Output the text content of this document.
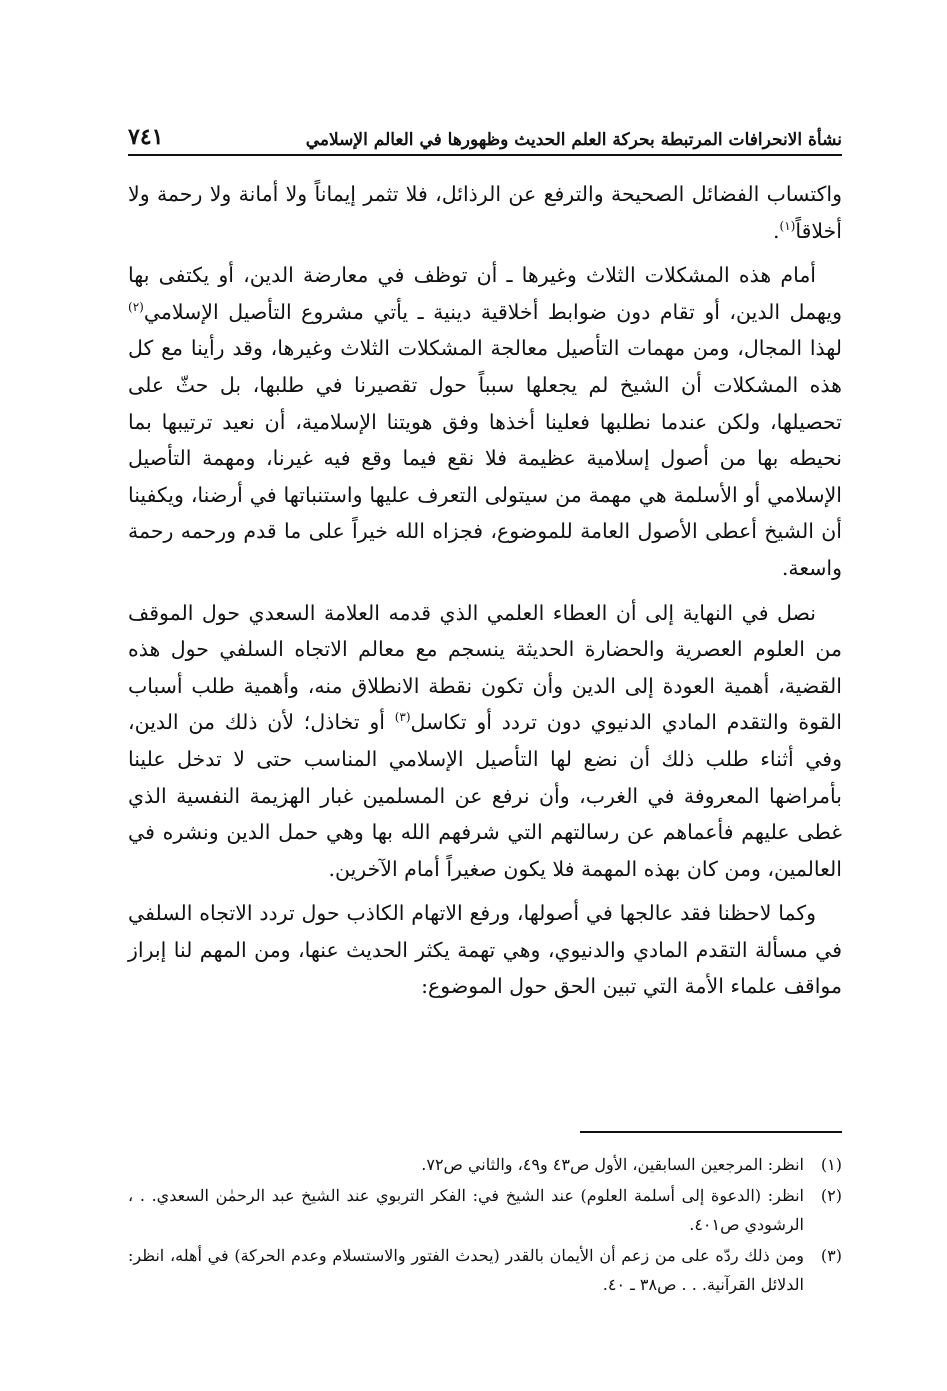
نشأة الانحرافات المرتبطة بحركة العلم الحديث وظهورها في العالم الإسلامي
٧٤١

واكتساب الفضائل الصحيحة والترفع عن الرذائل، فلا تثمر إيماناً ولا أمانة ولا رحمة ولا أخلاقاً$^{(١)}$.

أمام هذه المشكلات الثلاث وغيرها ـ أن توظف في معارضة الدين، أو يكتفى بها ويهمل الدين، أو تقام دون ضوابط أخلاقية دينية ـ يأتي مشروع التأصيل الإسلامي$^{(٢)}$ لهذا المجال، ومن مهمات التأصيل معالجة المشكلات الثلاث وغيرها، وقد رأينا مع كل هذه المشكلات أن الشيخ لم يجعلها سبباً حول تقصيرنا في طلبها، بل حثّ على تحصيلها، ولكن عندما نطلبها فعلينا أخذها وفق هويتنا الإسلامية، أن نعيد ترتيبها بما نحيطه بها من أصول إسلامية عظيمة فلا نقع فيما وقع فيه غيرنا، ومهمة التأصيل الإسلامي أو الأسلمة هي مهمة من سيتولى التعرف عليها واستنباتها في أرضنا، ويكفينا أن الشيخ أعطى الأصول العامة للموضوع، فجزاه الله خيراً على ما قدم ورحمه رحمة واسعة.

نصل في النهاية إلى أن العطاء العلمي الذي قدمه العلامة السعدي حول الموقف من العلوم العصرية والحضارة الحديثة ينسجم مع معالم الاتجاه السلفي حول هذه القضية، أهمية العودة إلى الدين وأن تكون نقطة الانطلاق منه، وأهمية طلب أسباب القوة والتقدم المادي الدنيوي دون تردد أو تكاسل$^{(٣)}$ أو تخاذل؛ لأن ذلك من الدين، وفي أثناء طلب ذلك أن نضع لها التأصيل الإسلامي المناسب حتى لا تدخل علينا بأمراضها المعروفة في الغرب، وأن نرفع عن المسلمين غبار الهزيمة النفسية الذي غطى عليهم فأعماهم عن رسالتهم التي شرفهم الله بها وهي حمل الدين ونشره في العالمين، ومن كان بهذه المهمة فلا يكون صغيراً أمام الآخرين.

وكما لاحظنا فقد عالجها في أصولها، ورفع الاتهام الكاذب حول تردد الاتجاه السلفي في مسألة التقدم المادي والدنيوي، وهي تهمة يكثر الحديث عنها، ومن المهم لنا إبراز مواقف علماء الأمة التي تبين الحق حول الموضوع:

(١)
انظر: المرجعين السابقين، الأول ص٤٣ و٤٩، والثاني ص٧٢.
(٢)
انظر: (الدعوة إلى أسلمة العلوم) عند الشيخ في: الفكر التربوي عند الشيخ عبد الرحمٰن السعدي. . ، الرشودي ص٤٠١.
(٣)
ومن ذلك ردّه على من زعم أن الأيمان بالقدر (يحدث الفتور والاستسلام وعدم الحركة) في أهله، انظر: الدلائل القرآنية. . . ص٣٨ ـ ٤٠.
